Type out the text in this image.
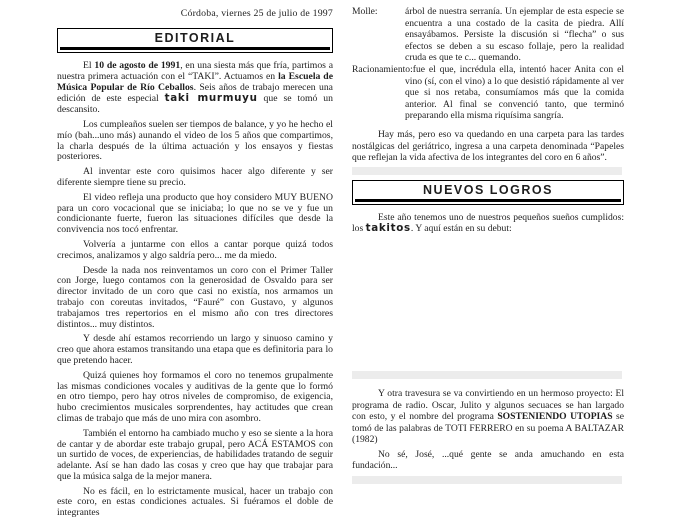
Córdoba, viernes 25 de julio de 1997

EDITORIAL

El 10 de agosto de 1991, en una siesta más que fría, partimos a nuestra primera actuación con el “TAKI”. Actuamos en la Escuela de Música Popular de Río Ceballos. Seis años de trabajo merecen una edición de este especial taki murmuyu que se tomó un descansito.

Los cumpleaños suelen ser tiempos de balance, y yo he hecho el mío (bah...uno más) aunando el video de los 5 años que compartimos, la charla después de la última actuación y los ensayos y fiestas posteriores.

Al inventar este coro quisimos hacer algo diferente y ser diferente siempre tiene su precio.

El video refleja una producto que hoy considero MUY BUENO para un coro vocacional que se iniciaba; lo que no se ve y fue un condicionante fuerte, fueron las situaciones difíciles que desde la convivencia nos tocó enfrentar.

Volvería a juntarme con ellos a cantar porque quizá todos crecimos, analizamos y algo saldría pero... me da miedo.

Desde la nada nos reinventamos un coro con el Primer Taller con Jorge, luego contamos con la generosidad de Osvaldo para ser director invitado de un coro que casi no existía, nos armamos un trabajo con coreutas invitados, “Fauré” con Gustavo, y algunos trabajamos tres repertorios en el mismo año con tres directores distintos... muy distintos.

Y desde ahí estamos recorriendo un largo y sinuoso camino y creo que ahora estamos transitando una etapa que es definitoria para lo que pretendo hacer.

Quizá quienes hoy formamos el coro no tenemos grupalmente las mismas condiciones vocales y auditivas de la gente que lo formó en otro tiempo, pero hay otros niveles de compromiso, de exigencia, hubo crecimientos musicales sorprendentes, hay actitudes que crean climas de trabajo que más de uno mira con asombro.

También el entorno ha cambiado mucho y eso se siente a la hora de cantar y de abordar este trabajo grupal, pero ACÁ ESTAMOS con un surtido de voces, de experiencias, de habilidades tratando de seguir adelante. Así se han dado las cosas y creo que hay que trabajar para que la música salga de la mejor manera.

No es fácil, en lo estrictamente musical, hacer un trabajo con este coro, en estas condiciones actuales. Si fuéramos el doble de integrantes

Molle:	árbol de nuestra serranía. Un ejemplar de esta especie se encuentra a una costado de la casita de piedra. Allí ensayábamos. Persiste la discusión si “flecha” o sus efectos se deben a su escaso follaje, pero la realidad cruda es que te c... quemando.

Racionamiento:fue el que, incrédula ella, intentó hacer Anita con el vino (sí, con el vino) a lo que desistió rápidamente al ver que si nos retaba, consumíamos más que la comida anterior. Al final se convenció tanto, que terminó preparando ella misma riquísima sangría.

Hay más, pero eso va quedando en una carpeta para las tardes nostálgicas del geriátrico, ingresa a una carpeta denominada “Papeles que reflejan la vida afectiva de los integrantes del coro en 6 años”.

NUEVOS LOGROS

Este año tenemos uno de nuestros pequeños sueños cumplidos: los takitos. Y aquí están en su debut:

Y otra travesura se va convirtiendo en un hermoso proyecto: El programa de radio. Oscar, Julito y algunos secuaces se han largado con esto, y el nombre del programa SOSTENIENDO UTOPIAS se tomó de las palabras de TOTI FERRERO en su poema A BALTAZAR (1982)

No sé, José, ...qué gente se anda amuchando en esta fundación...
